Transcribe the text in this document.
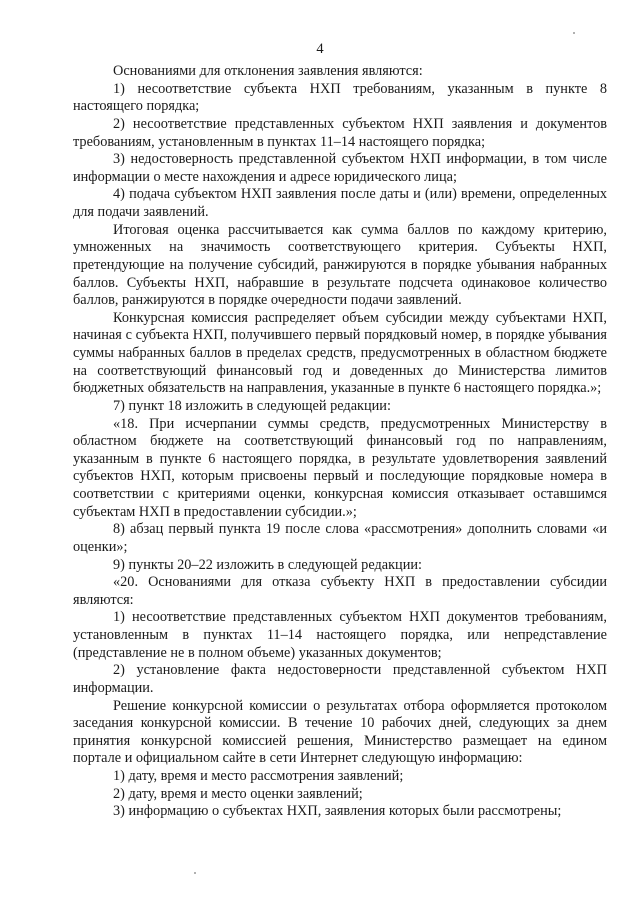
4

Основаниями для отклонения заявления являются:

1) несоответствие субъекта НХП требованиям, указанным в пункте 8 настоящего порядка;

2) несоответствие представленных субъектом НХП заявления и документов требованиям, установленным в пунктах 11–14 настоящего порядка;

3) недостоверность представленной субъектом НХП информации, в том числе информации о месте нахождения и адресе юридического лица;

4) подача субъектом НХП заявления после даты и (или) времени, определенных для подачи заявлений.

Итоговая оценка рассчитывается как сумма баллов по каждому критерию, умноженных на значимость соответствующего критерия. Субъекты НХП, претендующие на получение субсидий, ранжируются в порядке убывания набранных баллов. Субъекты НХП, набравшие в результате подсчета одинаковое количество баллов, ранжируются в порядке очередности подачи заявлений.

Конкурсная комиссия распределяет объем субсидии между субъектами НХП, начиная с субъекта НХП, получившего первый порядковый номер, в порядке убывания суммы набранных баллов в пределах средств, предусмотренных в областном бюджете на соответствующий финансовый год и доведенных до Министерства лимитов бюджетных обязательств на направления, указанные в пункте 6 настоящего порядка.»;

7) пункт 18 изложить в следующей редакции:

«18. При исчерпании суммы средств, предусмотренных Министерству в областном бюджете на соответствующий финансовый год по направлениям, указанным в пункте 6 настоящего порядка, в результате удовлетворения заявлений субъектов НХП, которым присвоены первый и последующие порядковые номера в соответствии с критериями оценки, конкурсная комиссия отказывает оставшимся субъектам НХП в предоставлении субсидии.»;

8) абзац первый пункта 19 после слова «рассмотрения» дополнить словами «и оценки»;

9) пункты 20–22 изложить в следующей редакции:

«20. Основаниями для отказа субъекту НХП в предоставлении субсидии являются:

1) несоответствие представленных субъектом НХП документов требованиям, установленным в пунктах 11–14 настоящего порядка, или непредставление (представление не в полном объеме) указанных документов;

2) установление факта недостоверности представленной субъектом НХП информации.

Решение конкурсной комиссии о результатах отбора оформляется протоколом заседания конкурсной комиссии. В течение 10 рабочих дней, следующих за днем принятия конкурсной комиссией решения, Министерство размещает на едином портале и официальном сайте в сети Интернет следующую информацию:

1) дату, время и место рассмотрения заявлений;

2) дату, время и место оценки заявлений;

3) информацию о субъектах НХП, заявления которых были рассмотрены;
